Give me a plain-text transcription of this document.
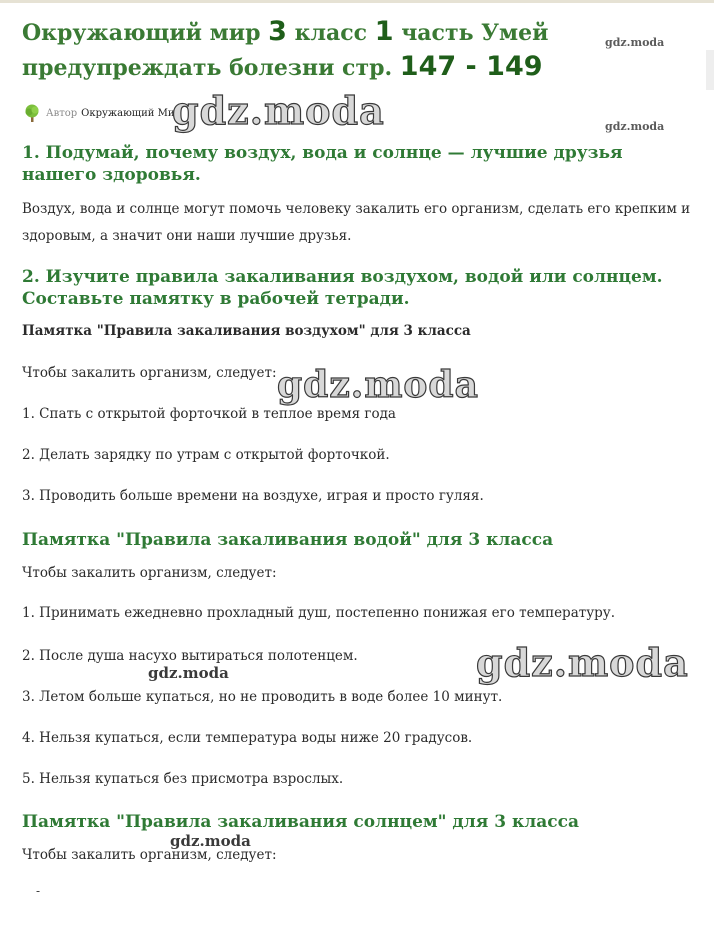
Окружающий мир 3 класс 1 часть Умей предупреждать болезни стр. 147 - 149
Автор Окружающий Мир
1. Подумай, почему воздух, вода и солнце — лучшие друзья нашего здоровья.

Воздух, вода и солнце могут помочь человеку закалить его организм, сделать его крепким и здоровым, а значит они наши лучшие друзья.

2. Изучите правила закаливания воздухом, водой или солнцем. Составьте памятку в рабочей тетради.

Памятка "Правила закаливания воздухом" для 3 класса

Чтобы закалить организм, следует:

1. Спать с открытой форточкой в теплое время года

2. Делать зарядку по утрам с открытой форточкой.

3. Проводить больше времени на воздухе, играя и просто гуляя.

Памятка "Правила закаливания водой" для 3 класса

Чтобы закалить организм, следует:

1. Принимать ежедневно прохладный душ, постепенно понижая его температуру.

2. После душа насухо вытираться полотенцем.

3. Летом больше купаться, но не проводить в воде более 10 минут.

4. Нельзя купаться, если температура воды ниже 20 градусов.

5. Нельзя купаться без присмотра взрослых.

Памятка "Правила закаливания солнцем" для 3 класса

Чтобы закалить организм, следует:

-
gdz.moda
gdz.moda
gdz.moda
gdz.moda
gdz.moda
gdz.moda
gdz.moda
